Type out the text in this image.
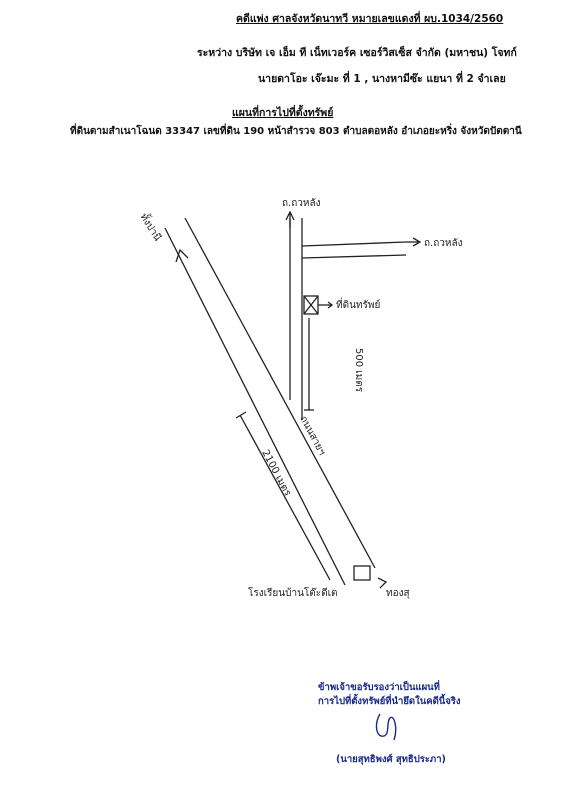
คดีแพ่ง ศาลจังหวัดนาทวี หมายเลขแดงที่ ผบ.1034/2560
ระหว่าง บริษัท เจ เอ็ม ที เน็ทเวอร์ค เซอร์วิสเซ็ส จำกัด (มหาชน) โจทก์
นายดาโอะ เจ๊ะมะ ที่ 1 , นางหามีซ๊ะ แยนา ที่ 2 จำเลย
แผนที่การไปที่ตั้งทรัพย์
ที่ดินตามสำเนาโฉนด 33347 เลขที่ดิน 190 หน้าสำรวจ 803 ตำบลตอหลัง อำเภอยะหริ่ง จังหวัดปัตตานี
ถ.ถวหลัง
ถ.ถวหลัง
ทั้งปานี
ทองสุ
ที่ดินทรัพย์
500 เมตร
2100 เมตร
ถนนสายฯ
โรงเรียนบ้านโต๊ะตีเต
ข้าพเจ้าขอรับรองว่าเป็นแผนที่
การไปที่ตั้งทรัพย์ที่นำยึดในคดีนี้จริง
(นายสุทธิพงศ์ สุทธิประภา)
